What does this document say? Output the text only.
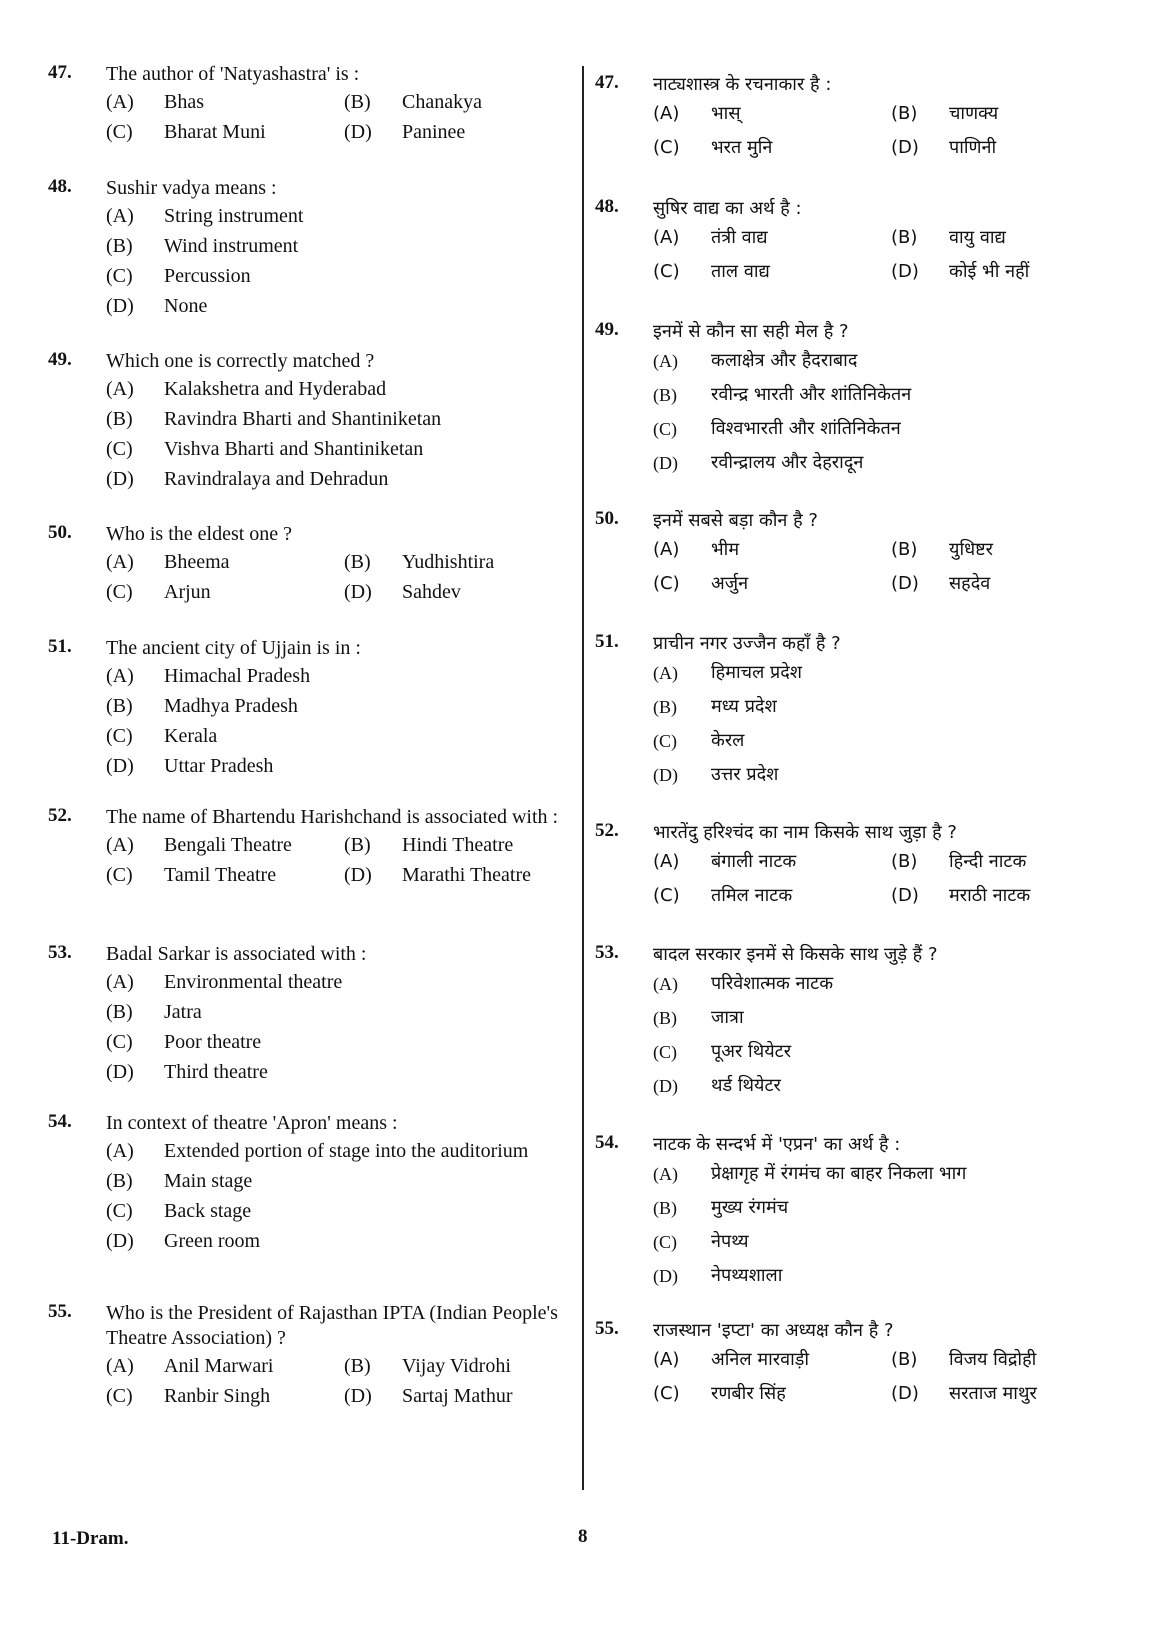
47. The author of 'Natyashastra' is :
(A)	Bhas	(B)	Chanakya
(C)	Bharat Muni	(D)	Paninee
48. Sushir vadya means :
(A)	String instrument
(B)	Wind instrument
(C)	Percussion
(D)	None
49. Which one is correctly matched ?
(A)	Kalakshetra and Hyderabad
(B)	Ravindra Bharti and Shantiniketan
(C)	Vishva Bharti and Shantiniketan
(D)	Ravindralaya and Dehradun
50. Who is the eldest one ?
(A)	Bheema	(B)	Yudhishtira
(C)	Arjun	(D)	Sahdev
51. The ancient city of Ujjain is in :
(A)	Himachal Pradesh
(B)	Madhya Pradesh
(C)	Kerala
(D)	Uttar Pradesh
52. The name of Bhartendu Harishchand is associated with :
(A)	Bengali Theatre	(B)	Hindi Theatre
(C)	Tamil Theatre	(D)	Marathi Theatre
53. Badal Sarkar is associated with :
(A)	Environmental theatre
(B)	Jatra
(C)	Poor theatre
(D)	Third theatre
54. In context of theatre 'Apron' means :
(A)	Extended portion of stage into the auditorium
(B)	Main stage
(C)	Back stage
(D)	Green room
55. Who is the President of Rajasthan IPTA (Indian People's Theatre Association) ?
(A)	Anil Marwari	(B)	Vijay Vidrohi
(C)	Ranbir Singh	(D)	Sartaj Mathur
47. नाट्यशास्त्र के रचनाकार है :
(A)	भास्	(B)	चाणक्य
(C)	भरत मुनि	(D)	पाणिनी
48. सुषिर वाद्य का अर्थ है :
(A)	तंत्री वाद्य	(B)	वायु वाद्य
(C)	ताल वाद्य	(D)	कोई भी नहीं
49. इनमें से कौन सा सही मेल है ?
(A)	कलाक्षेत्र और हैदराबाद
(B)	रवीन्द्र भारती और शांतिनिकेतन
(C)	विश्वभारती और शांतिनिकेतन
(D)	रवीन्द्रालय और देहरादून
50. इनमें सबसे बड़ा कौन है ?
(A)	भीम	(B)	युधिष्टर
(C)	अर्जुन	(D)	सहदेव
51. प्राचीन नगर उज्जैन कहाँ है ?
(A)	हिमाचल प्रदेश
(B)	मध्य प्रदेश
(C)	केरल
(D)	उत्तर प्रदेश
52. भारतेंदु हरिश्चंद का नाम किसके साथ जुड़ा है ?
(A)	बंगाली नाटक	(B)	हिन्दी नाटक
(C)	तमिल नाटक	(D)	मराठी नाटक
53. बादल सरकार इनमें से किसके साथ जुड़े हैं ?
(A)	परिवेशात्मक नाटक
(B)	जात्रा
(C)	पूअर थियेटर
(D)	थर्ड थियेटर
54. नाटक के सन्दर्भ में 'एप्रन' का अर्थ है :
(A)	प्रेक्षागृह में रंगमंच का बाहर निकला भाग
(B)	मुख्य रंगमंच
(C)	नेपथ्य
(D)	नेपथ्यशाला
55. राजस्थान 'इप्टा' का अध्यक्ष कौन है ?
(A)	अनिल मारवाड़ी	(B)	विजय विद्रोही
(C)	रणबीर सिंह	(D)	सरताज माथुर
11-Dram.	8
